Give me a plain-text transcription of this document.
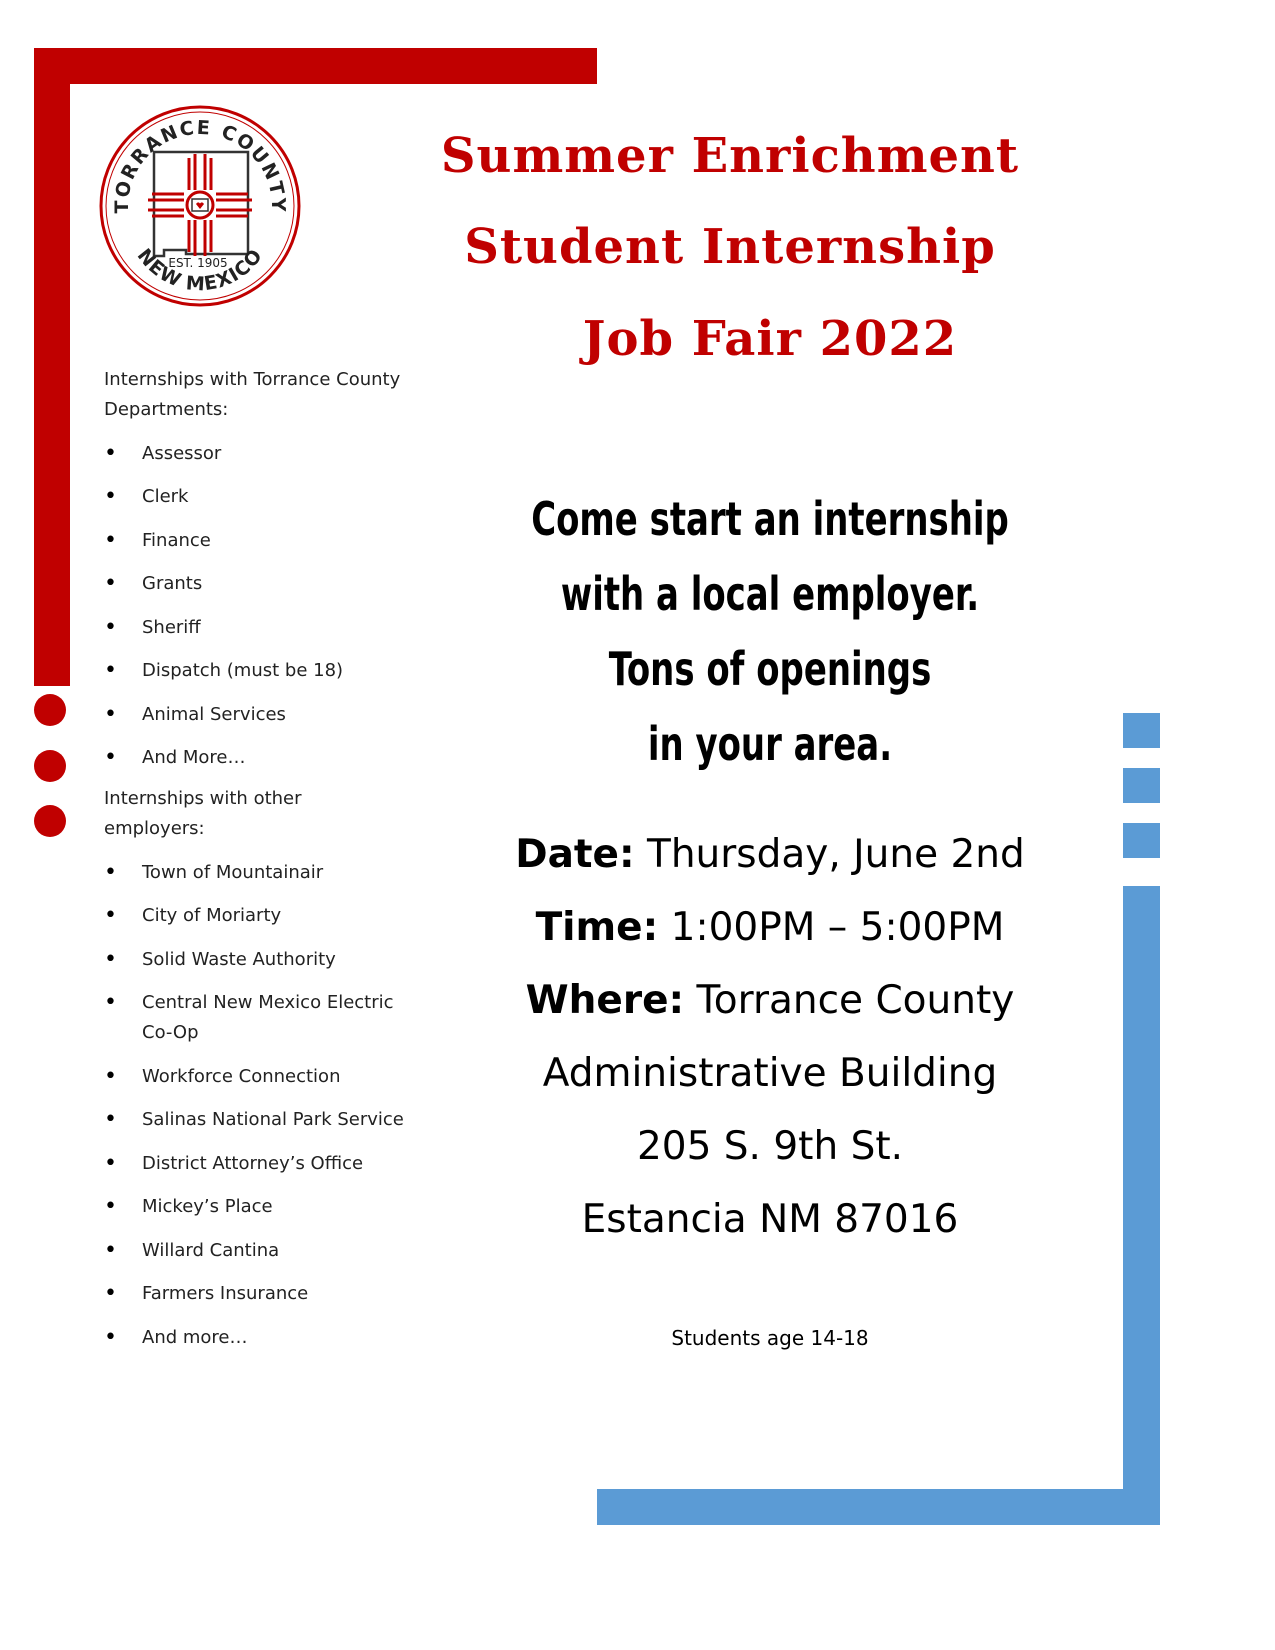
TORRANCE COUNTY
EST. 1905
NEW MEXICO
Summer Enrichment
Student Internship
Job Fair 2022

Internships with Torrance County
Departments:

• Assessor
• Clerk
• Finance
• Grants
• Sheriff
• Dispatch (must be 18)
• Animal Services
• And More…

Internships with other
employers:

• Town of Mountainair
• City of Moriarty
• Solid Waste Authority
• Central New Mexico Electric
Co-Op
• Workforce Connection
• Salinas National Park Service
• District Attorney’s Office
• Mickey’s Place
• Willard Cantina
• Farmers Insurance
• And more…
Come start an internship
with a local employer.
Tons of openings
in your area.
Date: Thursday, June 2nd
Time: 1:00PM – 5:00PM
Where: Torrance County
Administrative Building
205 S. 9th St.
Estancia NM 87016
Students age 14-18
